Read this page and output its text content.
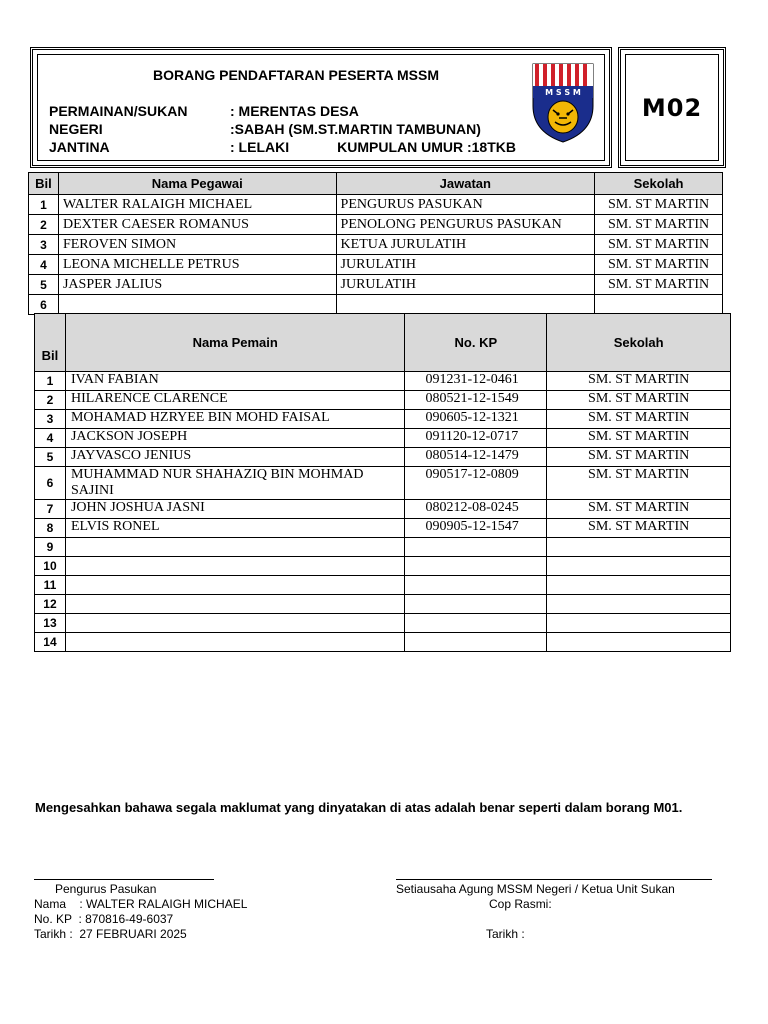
BORANG PENDAFTARAN PESERTA MSSM
PERMAINAN/SUKAN	: MERENTAS DESA
NEGERI	:SABAH (SM.ST.MARTIN TAMBUNAN)
JANTINA	: LELAKI	KUMPULAN UMUR :18TKB
M S S M
M02
Bil	Nama Pegawai	Jawatan	Sekolah
1	WALTER RALAIGH MICHAEL	PENGURUS PASUKAN	SM. ST MARTIN
2	DEXTER CAESER ROMANUS	PENOLONG PENGURUS PASUKAN	SM. ST MARTIN
3	FEROVEN SIMON	KETUA JURULATIH	SM. ST MARTIN
4	LEONA MICHELLE PETRUS	JURULATIH	SM. ST MARTIN
5	JASPER JALIUS	JURULATIH	SM. ST MARTIN
6			
Bil	Nama Pemain	No. KP	Sekolah
1	IVAN FABIAN	091231-12-0461	SM. ST MARTIN
2	HILARENCE CLARENCE	080521-12-1549	SM. ST MARTIN
3	MOHAMAD HZRYEE BIN MOHD FAISAL	090605-12-1321	SM. ST MARTIN
4	JACKSON JOSEPH	091120-12-0717	SM. ST MARTIN
5	JAYVASCO JENIUS	080514-12-1479	SM. ST MARTIN
6	MUHAMMAD NUR SHAHAZIQ BIN MOHMAD SAJINI	090517-12-0809	SM. ST MARTIN
7	JOHN JOSHUA JASNI	080212-08-0245	SM. ST MARTIN
8	ELVIS RONEL	090905-12-1547	SM. ST MARTIN
9			
10			
11			
12			
13			
14			
Mengesahkan bahawa segala maklumat yang dinyatakan di atas adalah benar seperti dalam borang M01.
Pengurus Pasukan
Nama    : WALTER RALAIGH MICHAEL
No. KP  : 870816-49-6037
Tarikh :  27 FEBRUARI 2025
Setiausaha Agung MSSM Negeri / Ketua Unit Sukan
Cop Rasmi:
Tarikh :
